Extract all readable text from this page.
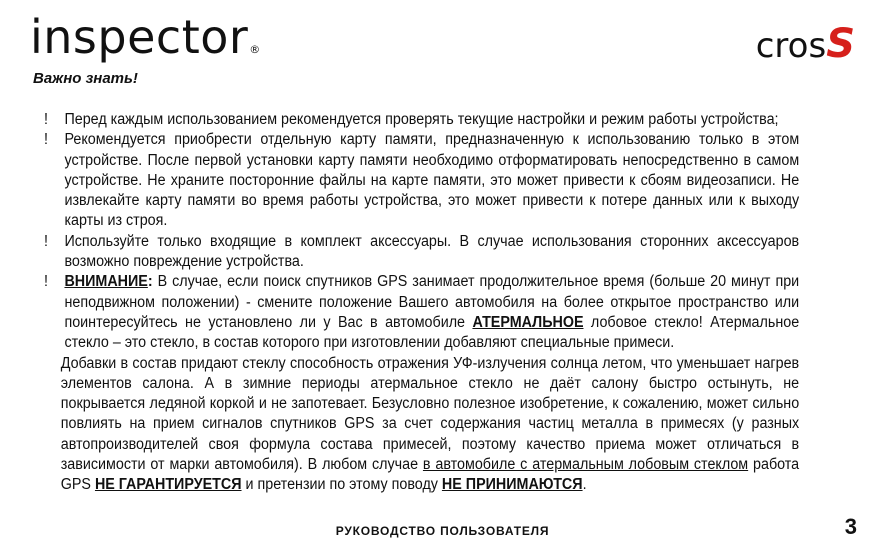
inspector®	crosS
Важно знать!
! Перед каждым использованием рекомендуется проверять текущие настройки и режим работы устройства;
! Рекомендуется приобрести отдельную карту памяти, предназначенную к использованию только в этом устройстве. После первой установки карту памяти необходимо отформатировать непосредственно в самом устройстве. Не храните посторонние файлы на карте памяти, это может привести к сбоям видеозаписи. Не извлекайте карту памяти во время работы устройства, это может привести к потере данных или к выходу карты из строя.
! Используйте только входящие в комплект аксессуары. В случае использования сторонних аксессуаров возможно повреждение устройства.
! ВНИМАНИЕ: В случае, если поиск спутников GPS занимает продолжительное время (больше 20 минут при неподвижном положении) - смените положение Вашего автомобиля на более открытое пространство или поинтересуйтесь не установлено ли у Вас в автомобиле АТЕРМАЛЬНОЕ лобовое стекло! Атермальное стекло – это стекло, в состав которого при изготовлении добавляют специальные примеси.
Добавки в состав придают стеклу способность отражения УФ-излучения солнца летом, что уменьшает нагрев элементов салона. А в зимние периоды атермальное стекло не даёт салону быстро остынуть, не покрывается ледяной коркой и не запотевает. Безусловно полезное изобретение, к сожалению, может сильно повлиять на прием сигналов спутников GPS за счет содержания частиц металла в примесях (у разных автопроизводителей своя формула состава примесей, поэтому качество приема может отличаться в зависимости от марки автомобиля). В любом случае в автомобиле с атермальным лобовым стеклом работа GPS НЕ ГАРАНТИРУЕТСЯ и претензии по этому поводу НЕ ПРИНИМАЮТСЯ.
РУКОВОДСТВО ПОЛЬЗОВАТЕЛЯ	3
